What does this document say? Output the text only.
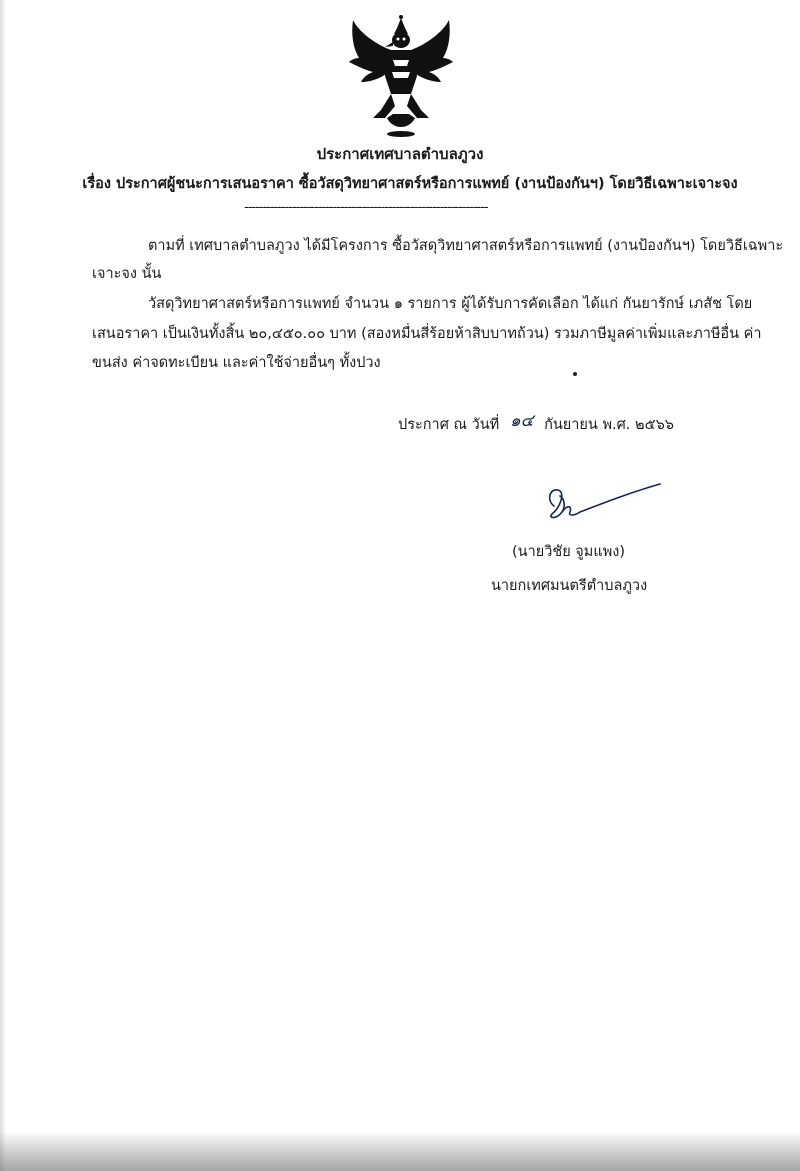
ประกาศเทศบาลตำบลภูวง
เรื่อง ประกาศผู้ชนะการเสนอราคา ซื้อวัสดุวิทยาศาสตร์หรือการแพทย์ (งานป้องกันฯ) โดยวิธีเฉพาะเจาะจง
------------------------------------------------------------------
ตามที่ เทศบาลตำบลภูวง ได้มีโครงการ ซื้อวัสดุวิทยาศาสตร์หรือการแพทย์ (งานป้องกันฯ) โดยวิธีเฉพาะ
เจาะจง นั้น
วัสดุวิทยาศาสตร์หรือการแพทย์ จำนวน ๑ รายการ ผู้ได้รับการคัดเลือก ได้แก่ กันยารักษ์ เภสัช โดย
เสนอราคา เป็นเงินทั้งสิ้น ๒๐,๔๕๐.๐๐ บาท (สองหมื่นสี่ร้อยห้าสิบบาทถ้วน) รวมภาษีมูลค่าเพิ่มและภาษีอื่น ค่า
ขนส่ง ค่าจดทะเบียน และค่าใช้จ่ายอื่นๆ ทั้งปวง
ประกาศ ณ วันที่ ๑๔ กันยายน พ.ศ. ๒๕๖๖
(นายวิชัย จูมแพง)
นายกเทศมนตรีตำบลภูวง
